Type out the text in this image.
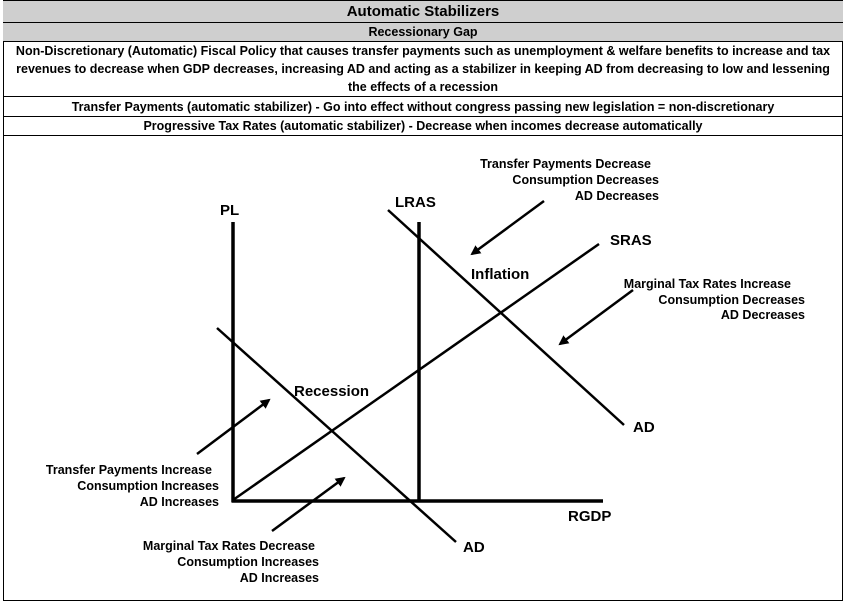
Automatic Stabilizers
Recessionary Gap
Non-Discretionary (Automatic) Fiscal Policy that causes transfer payments such as unemployment & welfare benefits to increase and tax revenues to decrease when GDP decreases, increasing AD and acting as a stabilizer in keeping AD from decreasing to low and lessening the effects of a recession
Transfer Payments (automatic stabilizer) - Go into effect without congress passing new legislation = non-discretionary
Progressive Tax Rates (automatic stabilizer) - Decrease when incomes decrease automatically
PL
RGDP
LRAS
SRAS
AD
AD
Inflation
Recession
Transfer Payments Decrease
Consumption Decreases
AD Decreases
Marginal Tax Rates Increase
Consumption Decreases
AD Decreases
Transfer Payments Increase
Consumption Increases
AD Increases
Marginal Tax Rates Decrease
Consumption Increases
AD Increases
